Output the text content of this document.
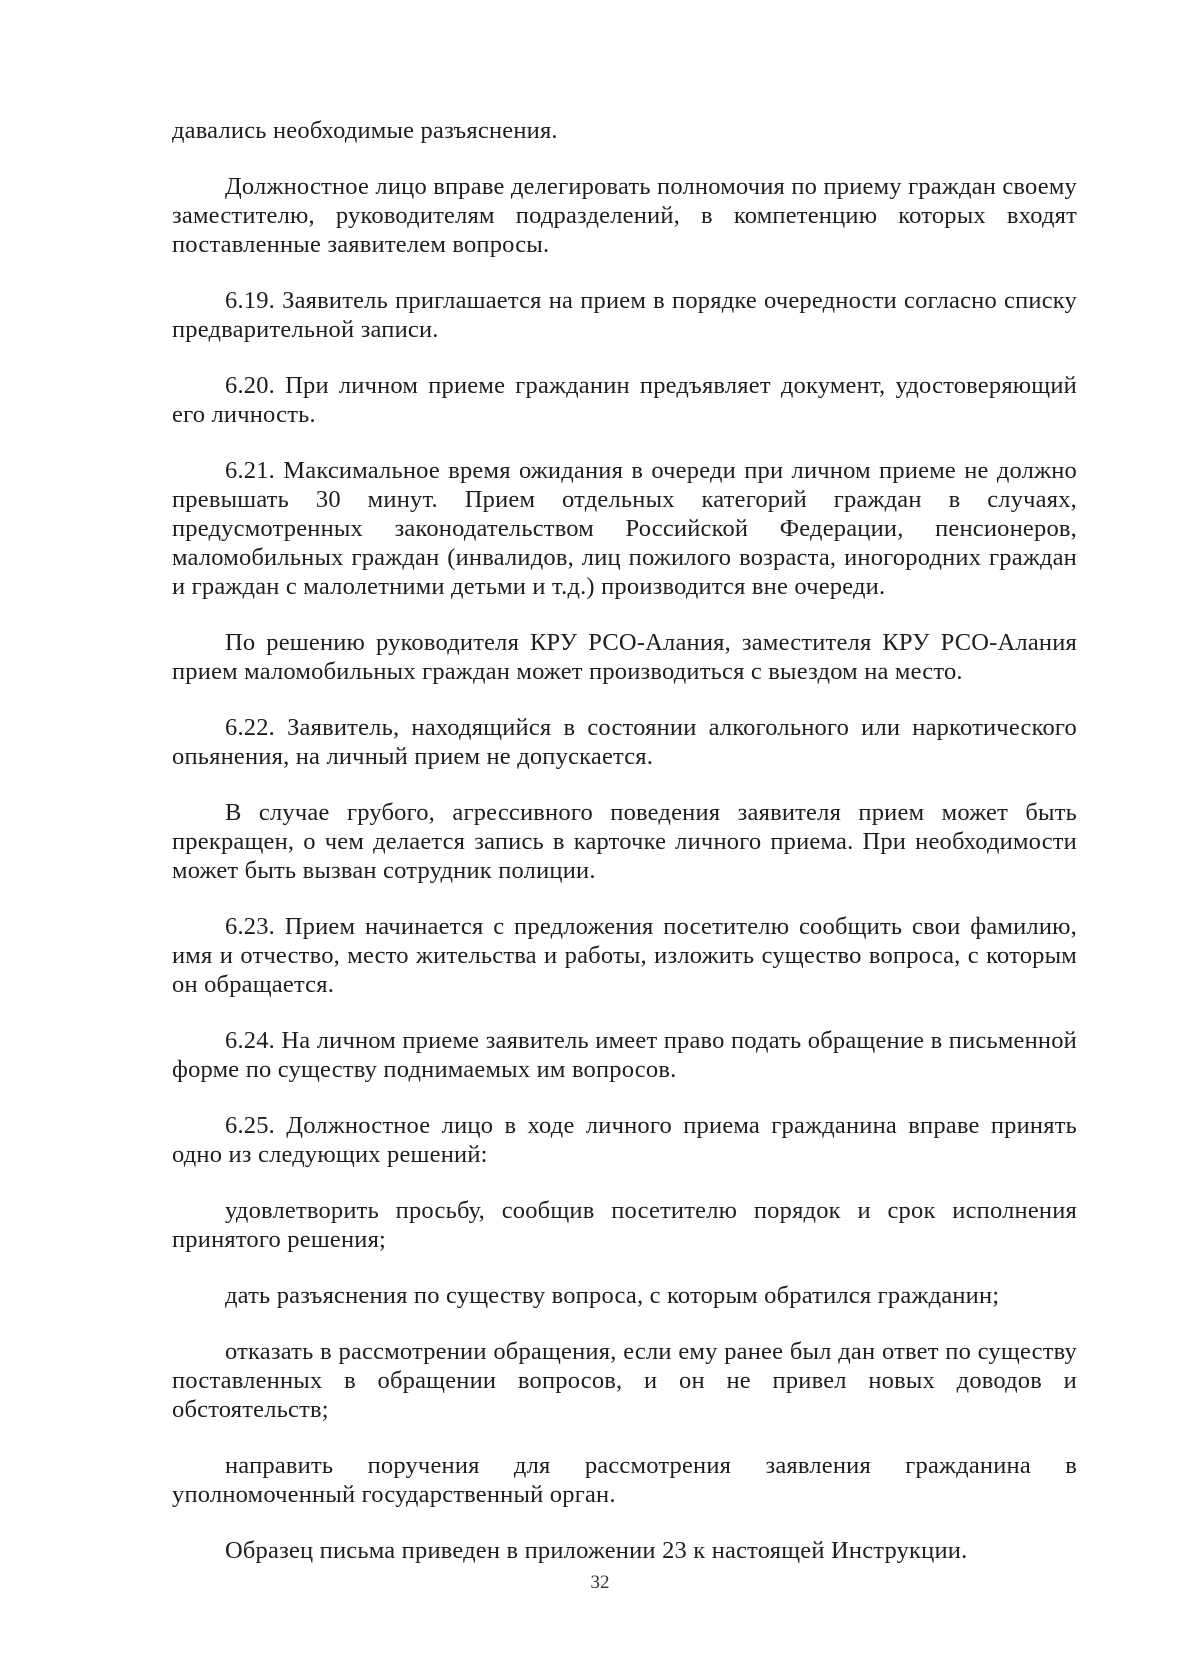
давались необходимые разъяснения.

Должностное лицо вправе делегировать полномочия по приему граждан своему заместителю, руководителям подразделений, в компетенцию которых входят поставленные заявителем вопросы.

6.19. Заявитель приглашается на прием в порядке очередности согласно списку предварительной записи.

6.20. При личном приеме гражданин предъявляет документ, удостоверяющий его личность.

6.21. Максимальное время ожидания в очереди при личном приеме не должно превышать 30 минут. Прием отдельных категорий граждан в случаях, предусмотренных законодательством Российской Федерации, пенсионеров, маломобильных граждан (инвалидов, лиц пожилого возраста, иногородних граждан и граждан с малолетними детьми и т.д.) производится вне очереди.

По решению руководителя КРУ РСО-Алания, заместителя КРУ РСО-Алания прием маломобильных граждан может производиться с выездом на место.

6.22. Заявитель, находящийся в состоянии алкогольного или наркотического опьянения, на личный прием не допускается.

В случае грубого, агрессивного поведения заявителя прием может быть прекращен, о чем делается запись в карточке личного приема. При необходимости может быть вызван сотрудник полиции.

6.23. Прием начинается с предложения посетителю сообщить свои фамилию, имя и отчество, место жительства и работы, изложить существо вопроса, с которым он обращается.

6.24. На личном приеме заявитель имеет право подать обращение в письменной форме по существу поднимаемых им вопросов.

6.25. Должностное лицо в ходе личного приема гражданина вправе принять одно из следующих решений:

удовлетворить просьбу, сообщив посетителю порядок и срок исполнения принятого решения;

дать разъяснения по существу вопроса, с которым обратился гражданин;

отказать в рассмотрении обращения, если ему ранее был дан ответ по существу поставленных в обращении вопросов, и он не привел новых доводов и обстоятельств;

направить поручения для рассмотрения заявления гражданина в уполномоченный государственный орган.

Образец письма приведен в приложении 23 к настоящей Инструкции.

32
